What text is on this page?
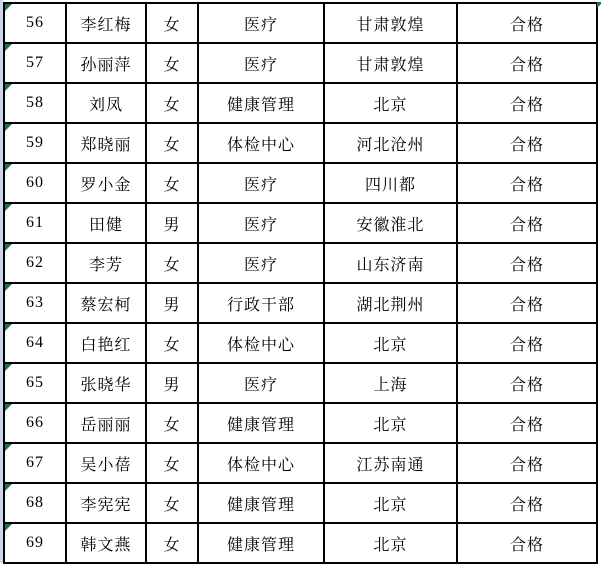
56	李红梅	女	医疗	甘肃敦煌	合格

57	孙丽萍	女	医疗	甘肃敦煌	合格

58	刘凤	女	健康管理	北京	合格

59	郑晓丽	女	体检中心	河北沧州	合格

60	罗小金	女	医疗	四川都	合格

61	田健	男	医疗	安徽淮北	合格

62	李芳	女	医疗	山东济南	合格

63	蔡宏柯	男	行政干部	湖北荆州	合格

64	白艳红	女	体检中心	北京	合格

65	张晓华	男	医疗	上海	合格

66	岳丽丽	女	健康管理	北京	合格

67	吴小蓓	女	体检中心	江苏南通	合格

68	李宪宪	女	健康管理	北京	合格

69	韩文燕	女	健康管理	北京	合格
